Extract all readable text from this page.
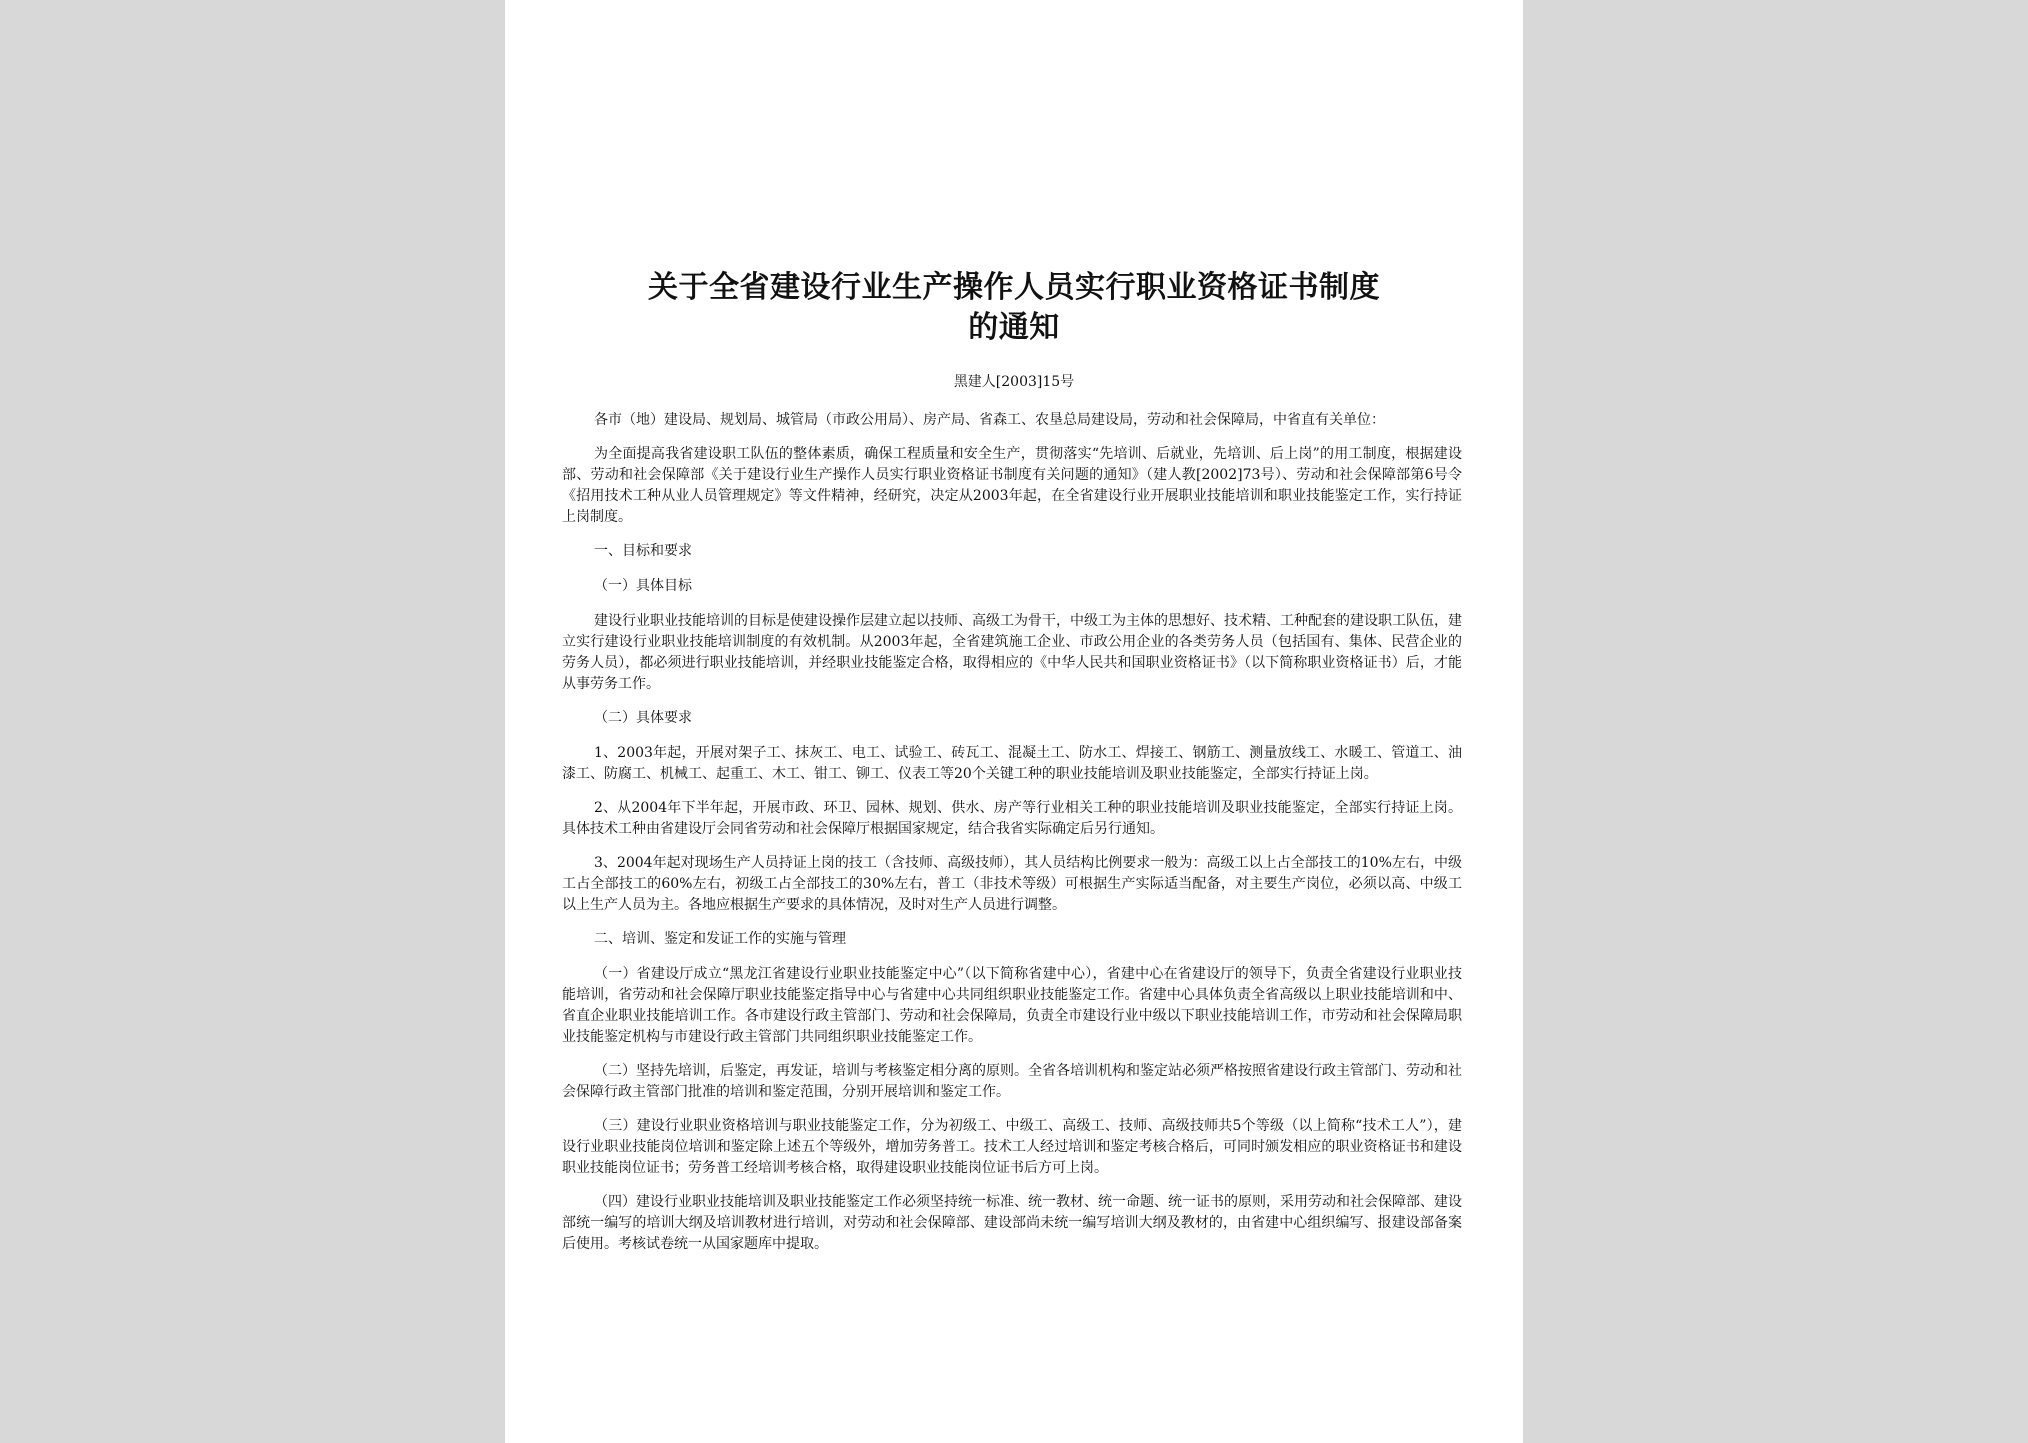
关于全省建设行业生产操作人员实行职业资格证书制度
的通知
黑建人[2003]15号

各市（地）建设局、规划局、城管局（市政公用局）、房产局、省森工、农垦总局建设局，劳动和社会保障局，中省直有关单位：

为全面提高我省建设职工队伍的整体素质，确保工程质量和安全生产，贯彻落实“先培训、后就业，先培训、后上岗”的用工制度，根据建设部、劳动和社会保障部《关于建设行业生产操作人员实行职业资格证书制度有关问题的通知》（建人教[2002]73号）、劳动和社会保障部第6号令《招用技术工种从业人员管理规定》等文件精神，经研究，决定从2003年起，在全省建设行业开展职业技能培训和职业技能鉴定工作，实行持证上岗制度。

一、目标和要求

（一）具体目标

建设行业职业技能培训的目标是使建设操作层建立起以技师、高级工为骨干，中级工为主体的思想好、技术精、工种配套的建设职工队伍，建立实行建设行业职业技能培训制度的有效机制。从2003年起，全省建筑施工企业、市政公用企业的各类劳务人员（包括国有、集体、民营企业的劳务人员），都必须进行职业技能培训，并经职业技能鉴定合格，取得相应的《中华人民共和国职业资格证书》（以下简称职业资格证书）后，才能从事劳务工作。

（二）具体要求

1、2003年起，开展对架子工、抹灰工、电工、试验工、砖瓦工、混凝土工、防水工、焊接工、钢筋工、测量放线工、水暖工、管道工、油漆工、防腐工、机械工、起重工、木工、钳工、铆工、仪表工等20个关键工种的职业技能培训及职业技能鉴定，全部实行持证上岗。

2、从2004年下半年起，开展市政、环卫、园林、规划、供水、房产等行业相关工种的职业技能培训及职业技能鉴定，全部实行持证上岗。具体技术工种由省建设厅会同省劳动和社会保障厅根据国家规定，结合我省实际确定后另行通知。

3、2004年起对现场生产人员持证上岗的技工（含技师、高级技师），其人员结构比例要求一般为：高级工以上占全部技工的10%左右，中级工占全部技工的60%左右，初级工占全部技工的30%左右，普工（非技术等级）可根据生产实际适当配备，对主要生产岗位，必须以高、中级工以上生产人员为主。各地应根据生产要求的具体情况，及时对生产人员进行调整。

二、培训、鉴定和发证工作的实施与管理

（一）省建设厅成立“黑龙江省建设行业职业技能鉴定中心”（以下简称省建中心），省建中心在省建设厅的领导下，负责全省建设行业职业技能培训，省劳动和社会保障厅职业技能鉴定指导中心与省建中心共同组织职业技能鉴定工作。省建中心具体负责全省高级以上职业技能培训和中、省直企业职业技能培训工作。各市建设行政主管部门、劳动和社会保障局，负责全市建设行业中级以下职业技能培训工作，市劳动和社会保障局职业技能鉴定机构与市建设行政主管部门共同组织职业技能鉴定工作。

（二）坚持先培训，后鉴定，再发证，培训与考核鉴定相分离的原则。全省各培训机构和鉴定站必须严格按照省建设行政主管部门、劳动和社会保障行政主管部门批准的培训和鉴定范围，分别开展培训和鉴定工作。

（三）建设行业职业资格培训与职业技能鉴定工作，分为初级工、中级工、高级工、技师、高级技师共5个等级（以上简称“技术工人”），建设行业职业技能岗位培训和鉴定除上述五个等级外，增加劳务普工。技术工人经过培训和鉴定考核合格后，可同时颁发相应的职业资格证书和建设职业技能岗位证书；劳务普工经培训考核合格，取得建设职业技能岗位证书后方可上岗。

（四）建设行业职业技能培训及职业技能鉴定工作必须坚持统一标准、统一教材、统一命题、统一证书的原则，采用劳动和社会保障部、建设部统一编写的培训大纲及培训教材进行培训，对劳动和社会保障部、建设部尚未统一编写培训大纲及教材的，由省建中心组织编写、报建设部备案后使用。考核试卷统一从国家题库中提取。
